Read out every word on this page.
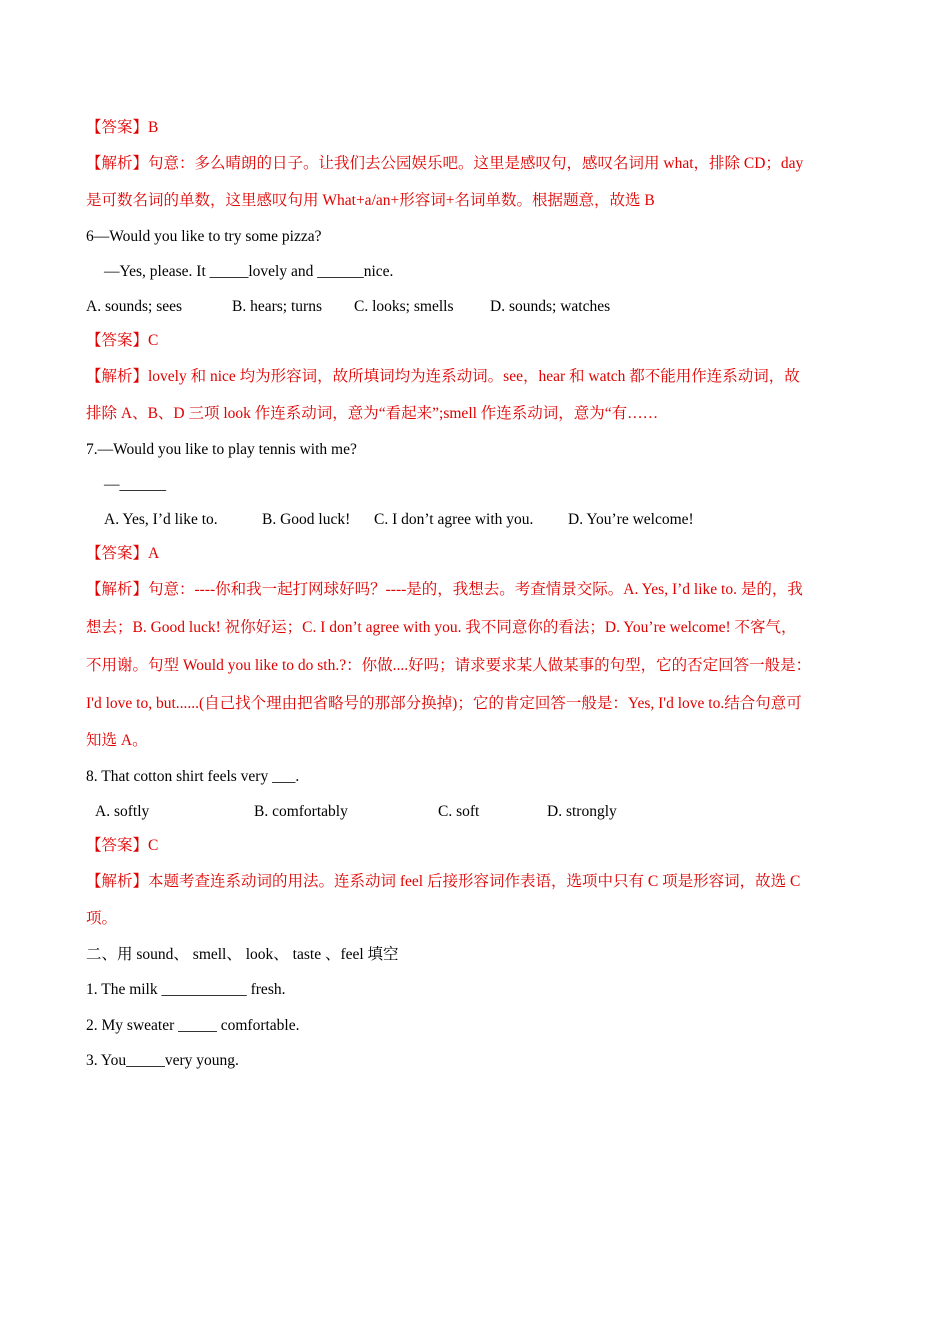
【答案】B
【解析】句意：多么晴朗的日子。让我们去公园娱乐吧。这里是感叹句，感叹名词用 what，排除 CD；day
是可数名词的单数，这里感叹句用 What+a/an+形容词+名词单数。根据题意，故选 B
6—Would you like to try some pizza?
—Yes, please. It _____lovely and ______nice.
A. sounds; sees	B. hears; turns C. looks; smells D. sounds; watches
【答案】C
【解析】lovely 和 nice 均为形容词，故所填词均为连系动词。see，hear 和 watch 都不能用作连系动词，故
排除 A、B、D 三项 look 作连系动词，意为“看起来”;smell 作连系动词，意为“有……
7.—Would you like to play tennis with me?
—______
A. Yes, I’d like to.	B. Good luck! C. I don’t agree with you. D. You’re welcome!
【答案】A
【解析】句意：----你和我一起打网球好吗？----是的，我想去。考查情景交际。A. Yes, I’d like to. 是的，我
想去；B. Good luck! 祝你好运；C. I don’t agree with you. 我不同意你的看法；D. You’re welcome! 不客气，
不用谢。句型 Would you like to do sth.?：你做....好吗；请求要求某人做某事的句型，它的否定回答一般是：
I'd love to, but......(自己找个理由把省略号的那部分换掉)；它的肯定回答一般是：Yes, I'd love to.结合句意可
知选 A。
8. That cotton shirt feels very ___.
A. softly	B. comfortably	C. soft	D. strongly
【答案】C
【解析】本题考查连系动词的用法。连系动词 feel 后接形容词作表语，选项中只有 C 项是形容词，故选 C
项。
二、用 sound、 smell、 look、 taste 、feel 填空
1. The milk ___________ fresh.
2. My sweater _____ comfortable.
3. You_____very young.
